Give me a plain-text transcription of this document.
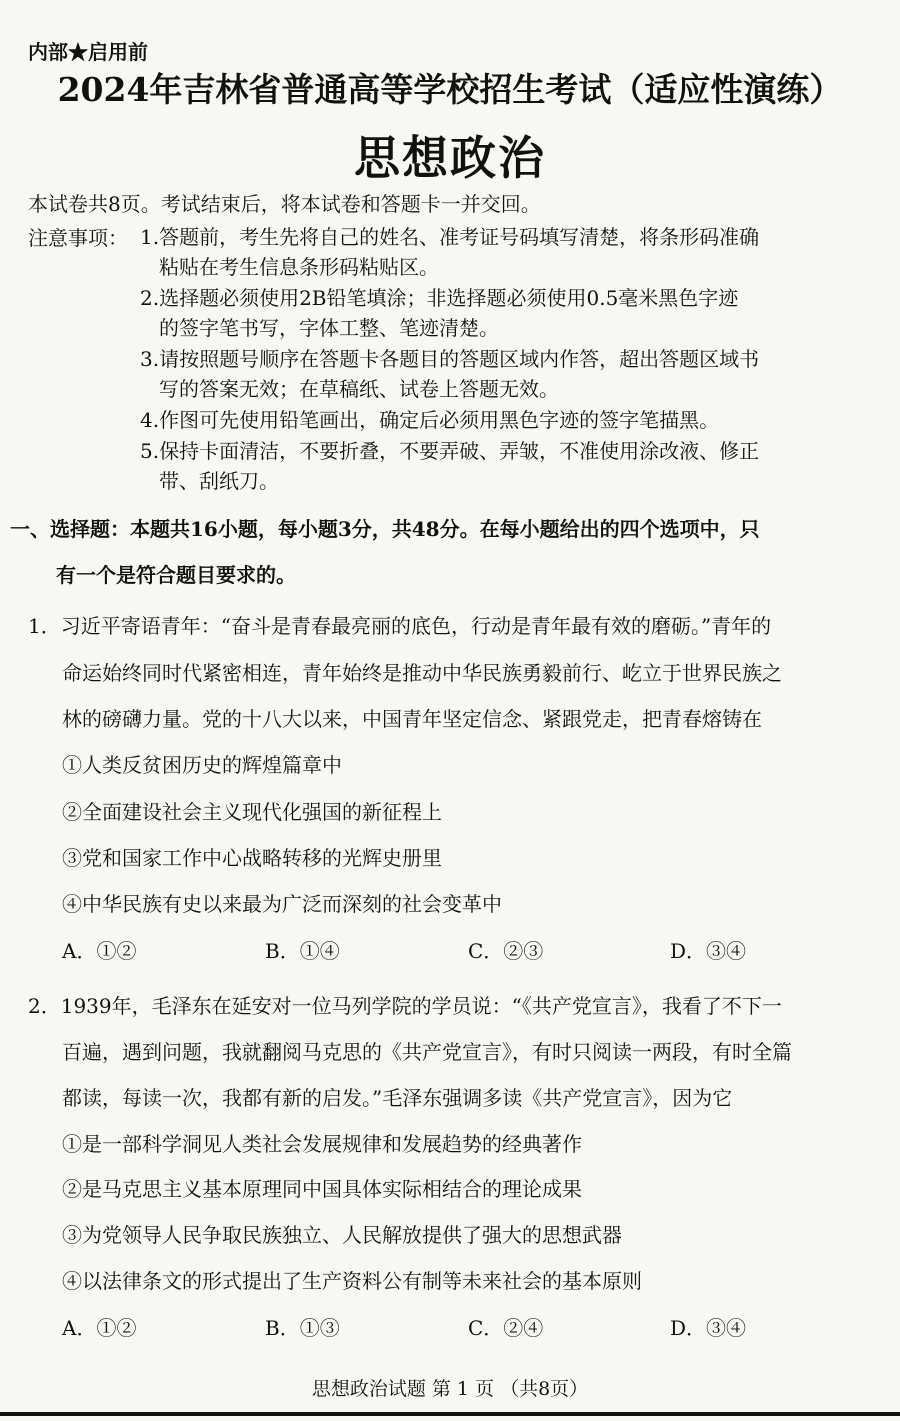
内部★启用前
2024年吉林省普通高等学校招生考试（适应性演练）
思想政治
本试卷共8页。考试结束后，将本试卷和答题卡一并交回。
注意事项： 1.答题前，考生先将自己的姓名、准考证号码填写清楚，将条形码准确
粘贴在考生信息条形码粘贴区。
2.选择题必须使用2B铅笔填涂；非选择题必须使用0.5毫米黑色字迹
的签字笔书写，字体工整、笔迹清楚。
3.请按照题号顺序在答题卡各题目的答题区域内作答，超出答题区域书
写的答案无效；在草稿纸、试卷上答题无效。
4.作图可先使用铅笔画出，确定后必须用黑色字迹的签字笔描黑。
5.保持卡面清洁，不要折叠，不要弄破、弄皱，不准使用涂改液、修正
带、刮纸刀。
一、选择题：本题共16小题，每小题3分，共48分。在每小题给出的四个选项中，只
有一个是符合题目要求的。
1．习近平寄语青年：“奋斗是青春最亮丽的底色，行动是青年最有效的磨砺。”青年的
命运始终同时代紧密相连，青年始终是推动中华民族勇毅前行、屹立于世界民族之
林的磅礴力量。党的十八大以来，中国青年坚定信念、紧跟党走，把青春熔铸在
①人类反贫困历史的辉煌篇章中
②全面建设社会主义现代化强国的新征程上
③党和国家工作中心战略转移的光辉史册里
④中华民族有史以来最为广泛而深刻的社会变革中
A．①②	B．①④	C．②③	D．③④
2．1939年，毛泽东在延安对一位马列学院的学员说：“《共产党宣言》，我看了不下一
百遍，遇到问题，我就翻阅马克思的《共产党宣言》，有时只阅读一两段，有时全篇
都读，每读一次，我都有新的启发。”毛泽东强调多读《共产党宣言》，因为它
①是一部科学洞见人类社会发展规律和发展趋势的经典著作
②是马克思主义基本原理同中国具体实际相结合的理论成果
③为党领导人民争取民族独立、人民解放提供了强大的思想武器
④以法律条文的形式提出了生产资料公有制等未来社会的基本原则
A．①②	B．①③	C．②④	D．③④
思想政治试题 第 1 页 （共8页）
